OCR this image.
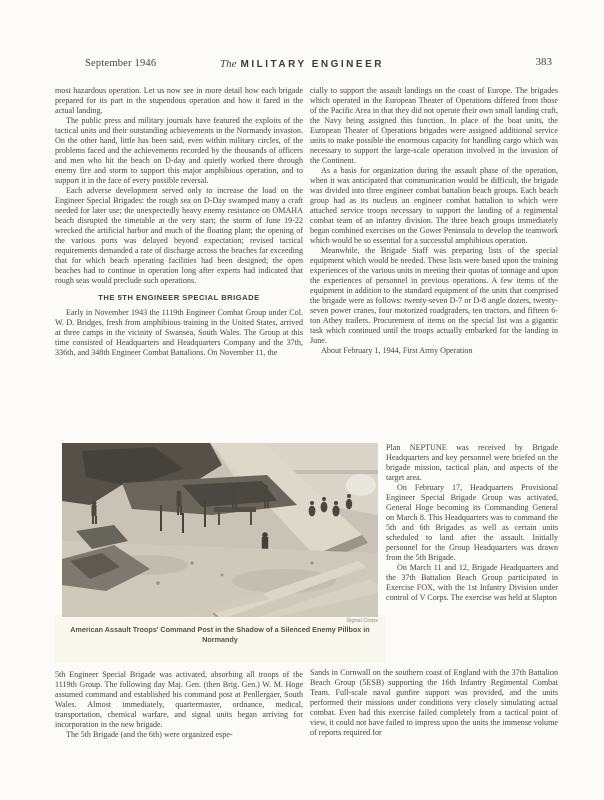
September 1946	The MILITARY ENGINEER	383

most hazardous operation. Let us now see in more detail how each brigade prepared for its part in the stupendous operation and how it fared in the actual landing.

The public press and military journals have featured the exploits of the tactical units and their outstanding achievements in the Normandy invasion. On the other hand, little has been said, even within military circles, of the problems faced and the achievements recorded by the thousands of officers and men who hit the beach on D-day and quietly worked there through enemy fire and storm to support this major amphibious operation, and to support it in the face of every possible reversal.

Each adverse development served only to increase the load on the Engineer Special Brigades: the rough sea on D-Day swamped many a craft needed for later use; the unexpectedly heavy enemy resistance on OMAHA beach disrupted the timetable at the very start; the storm of June 19-22 wrecked the artificial harbor and much of the floating plant; the opening of the various ports was delayed beyond expectation; revised tactical requirements demanded a rate of discharge across the beaches far exceeding that for which beach operating facilities had been designed; the open beaches had to continue in operation long after experts had indicated that rough seas would preclude such operations.

THE 5TH ENGINEER SPECIAL BRIGADE

Early in November 1943 the 1119th Engineer Combat Group under Col. W. D. Bridges, fresh from amphibious training in the United States, arrived at three camps in the vicinity of Swansea, South Wales. The Group at this time consisted of Headquarters and Headquarters Company and the 37th, 336th, and 348th Engineer Combat Battalions. On November 11, the

cially to support the assault landings on the coast of Europe. The brigades which operated in the European Theater of Operations differed from those of the Pacific Area in that they did not operate their own small landing craft, the Navy being assigned this function. In place of the boat units, the European Theater of Operations brigades were assigned additional service units to make possible the enormous capacity for handling cargo which was necessary to support the large-scale operation involved in the invasion of the Continent.

As a basis for organization during the assault phase of the operation, when it was anticipated that communication would be difficult, the brigade was divided into three engineer combat battalion beach groups. Each beach group had as its nucleus an engineer combat battalion to which were attached service troops necessary to support the landing of a regimental combat team of an infantry division. The three beach groups immediately began combined exercises on the Gower Peninsula to develop the teamwork which would be so essential for a successful amphibious operation.

Meanwhile, the Brigade Staff was preparing lists of the special equipment which would be needed. These lists were based upon the training experiences of the various units in meeting their quotas of tonnage and upon the experiences of personnel in previous operations. A few items of the equipment in addition to the standard equipment of the units that comprised the brigade were as follows: twenty-seven D-7 or D-8 angle dozers, twenty-seven power cranes, four motorized roadgraders, ten tractors, and fifteen 6-ton Athey trailers. Procurement of items on the special list was a gigantic task which continued until the troops actually embarked for the landing in June.

About February 1, 1944, First Army Operation

Signal Corps
American Assault Troops' Command Post in the Shadow of a Silenced Enemy Pillbox in
Normandy

Plan NEPTUNE was received by Brigade Headquarters and key personnel were briefed on the brigade mission, tactical plan, and aspects of the target area.

On February 17, Headquarters Provisional Engineer Special Brigade Group was activated, General Hoge becoming its Commanding General on March 8. This Headquarters was to command the 5th and 6th Brigades as well as certain units scheduled to land after the assault. Initially personnel for the Group Headquarters was drawn from the 5th Brigade.

On March 11 and 12, Brigade Headquarters and the 37th Battalion Beach Group participated in Exercise FOX, with the 1st Infantry Division under control of V Corps. The exercise was held at Slapton

5th Engineer Special Brigade was activated, absorbing all troops of the 1119th Group. The following day Maj. Gen. (then Brig. Gen.) W. M. Hoge assumed command and established his command post at Penllergaer, South Wales. Almost immediately, quartermaster, ordnance, medical, transportation, chemical warfare, and signal units began arriving for incorporation in the new brigade.

The 5th Brigade (and the 6th) were organized espe-

Sands in Cornwall on the southern coast of England with the 37th Battalion Beach Group (5ESB) supporting the 16th Infantry Regimental Combat Team. Full-scale naval gunfire support was provided, and the units performed their missions under conditions very closely simulating actual combat. Even had this exercise failed completely from a tactical point of view, it could not have failed to impress upon the units the immense volume of reports required for
